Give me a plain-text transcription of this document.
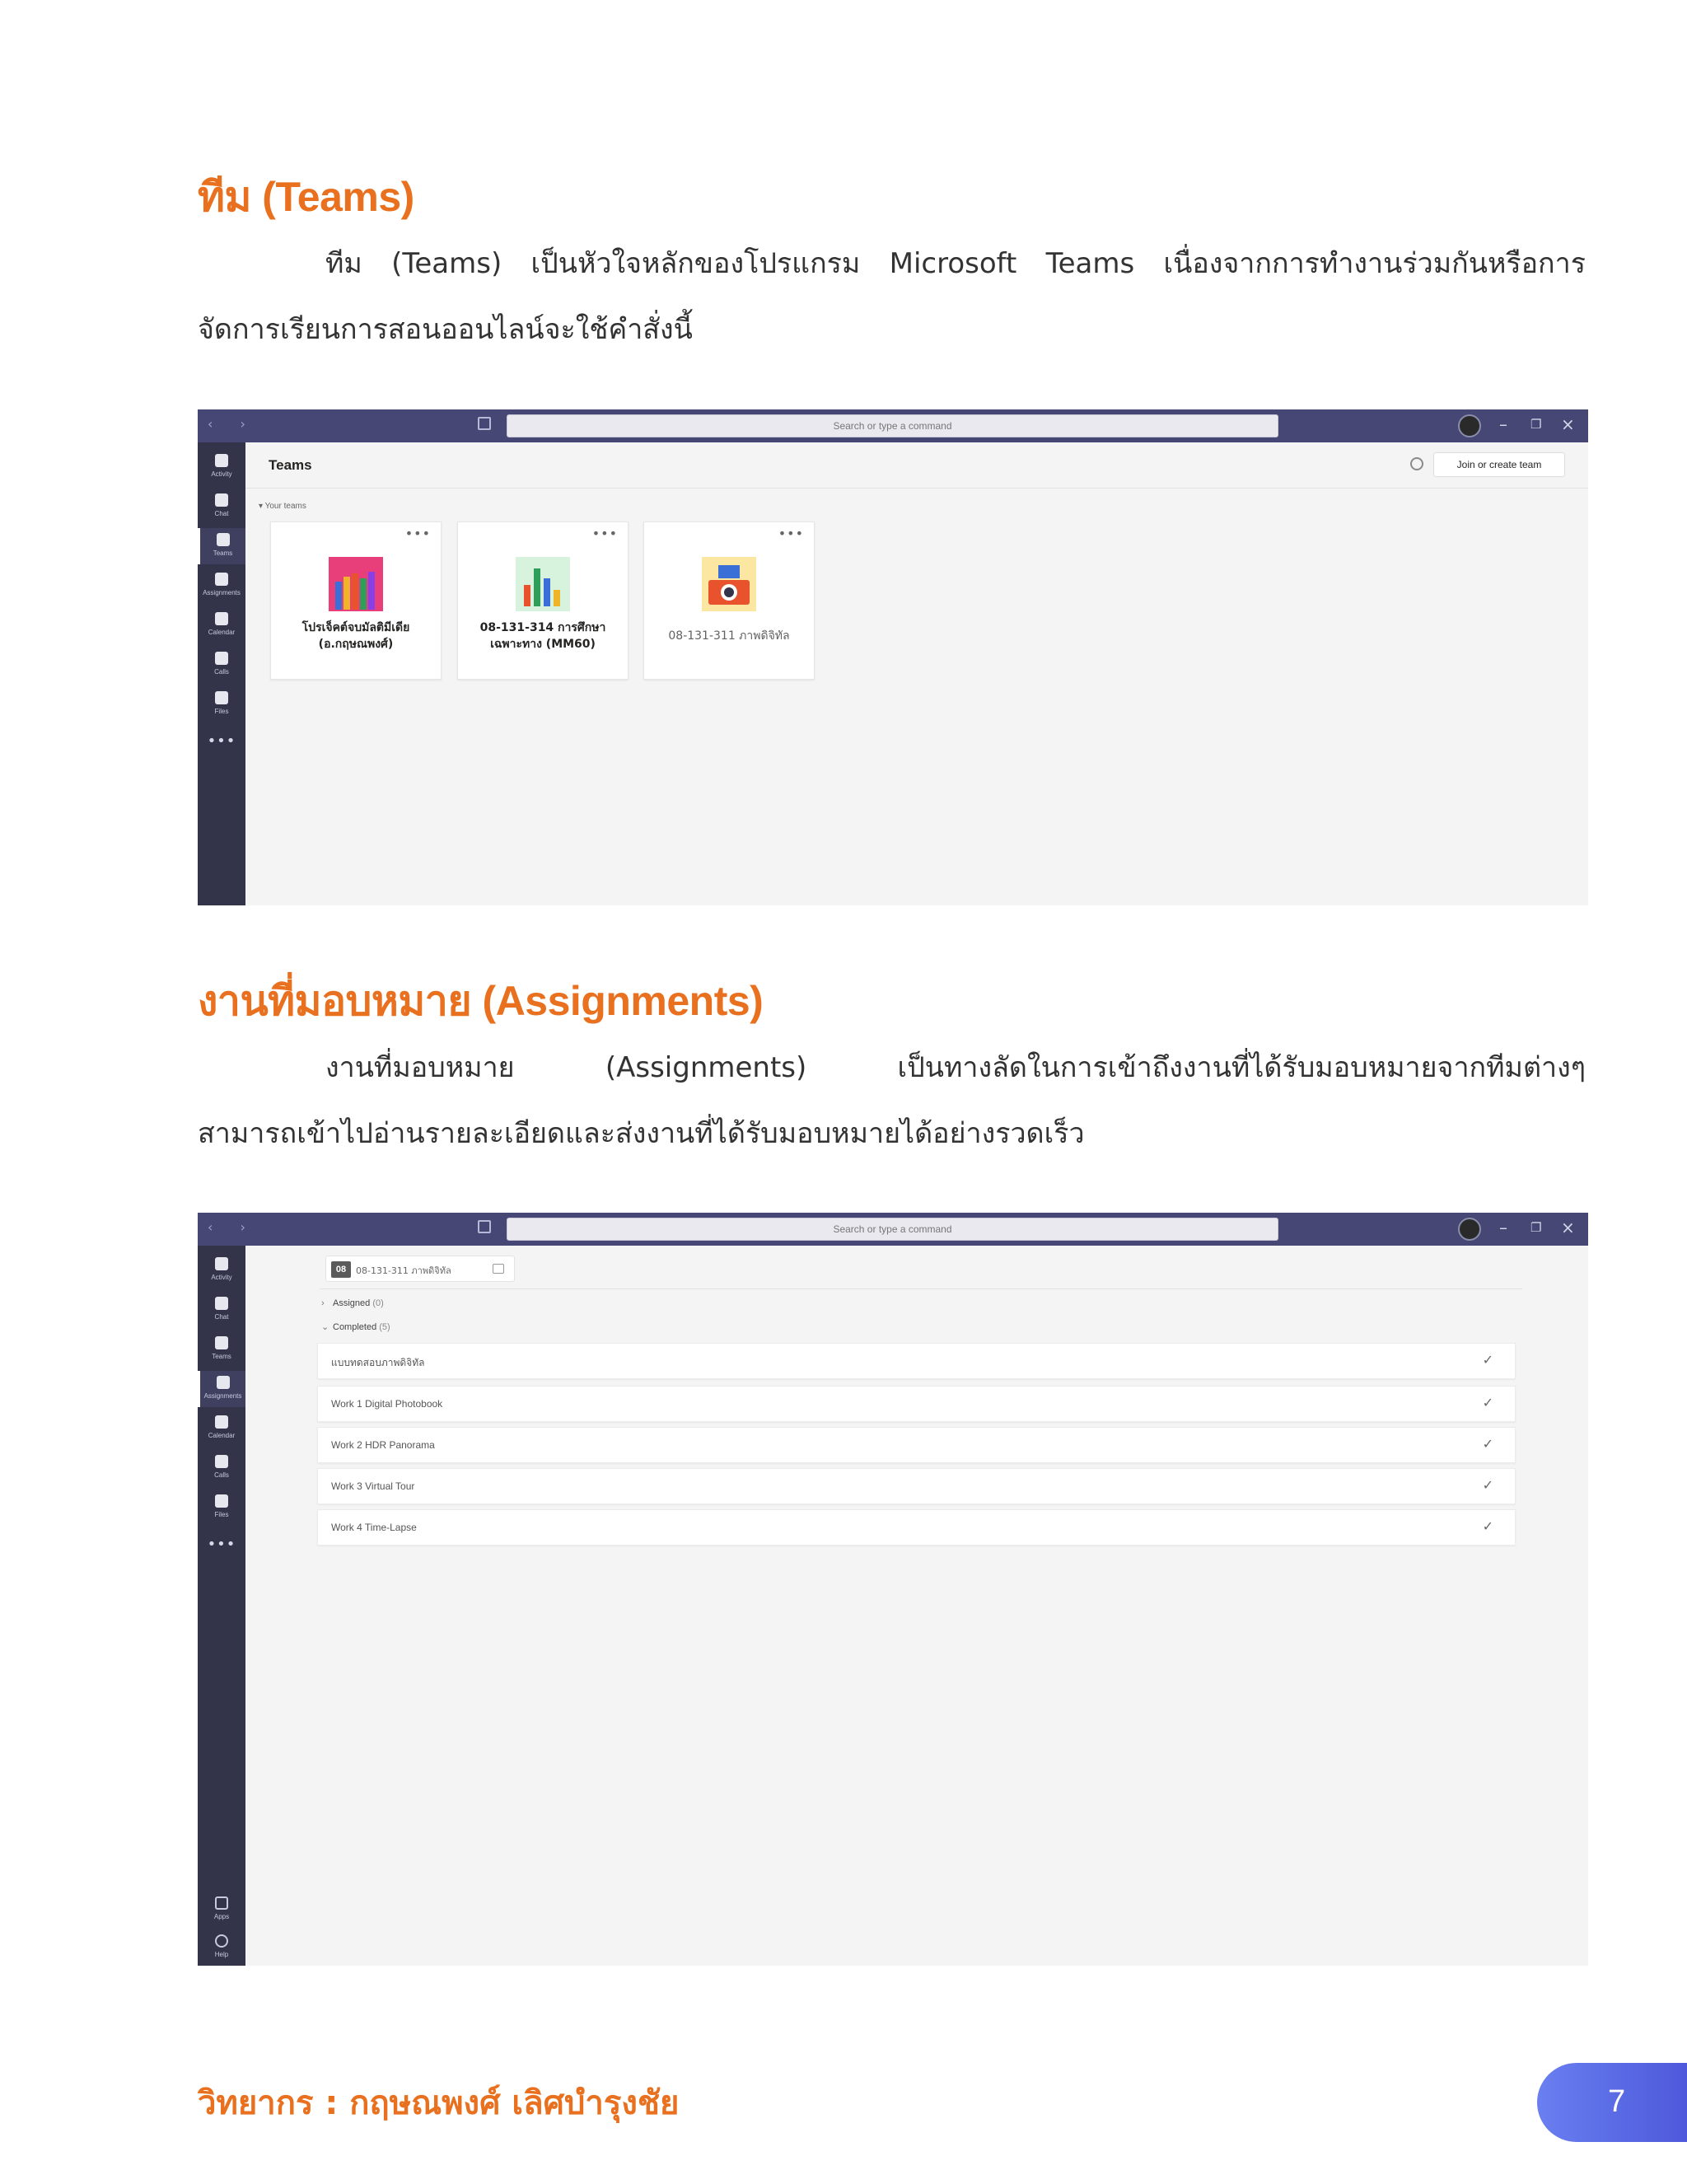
ทีม (Teams)
ทีม (Teams) เป็นหัวใจหลักของโปรแกรม Microsoft Teams เนื่องจากการทำงานร่วมกันหรือการ
จัดการเรียนการสอนออนไลน์จะใช้คำสั่งนี้
‹ ›	Search or type a command	– ❐ ×
Activity
Chat
Teams
Assignments
Calendar
Calls
Files
•••
Teams	Join or create team
▾ Your teams
•••
โปรเจ็คต์จบมัลติมีเดีย (อ.กฤษณพงศ์)
•••
08-131-314 การศึกษาเฉพาะทาง (MM60)
•••
08-131-311 ภาพดิจิทัล
งานที่มอบหมาย (Assignments)
งานที่มอบหมาย (Assignments) เป็นทางลัดในการเข้าถึงงานที่ได้รับมอบหมายจากทีมต่างๆ
สามารถเข้าไปอ่านรายละเอียดและส่งงานที่ได้รับมอบหมายได้อย่างรวดเร็ว
‹ ›	Search or type a command	– ❐ ×
Activity
Chat
Teams
Assignments
Calendar
Calls
Files
•••
Apps
Help
08	08-131-311 ภาพดิจิทัล
› Assigned (0)
⌄ Completed (5)
แบบทดสอบภาพดิจิทัล	✓
Work 1 Digital Photobook	✓
Work 2 HDR Panorama	✓
Work 3 Virtual Tour	✓
Work 4 Time-Lapse	✓
วิทยากร : กฤษณพงศ์ เลิศบำรุงชัย	7
